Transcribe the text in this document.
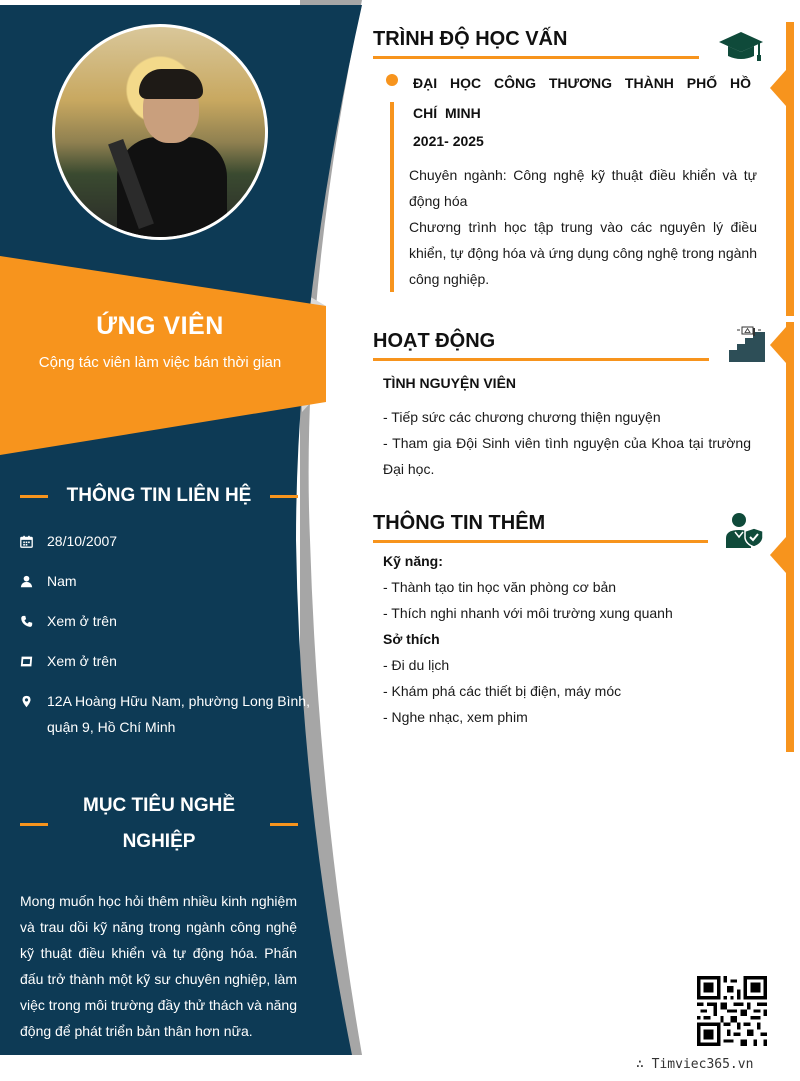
ỨNG VIÊN
Cộng tác viên làm việc bán thời gian
THÔNG TIN LIÊN HỆ
28/10/2007
Nam
Xem ở trên
Xem ở trên
12A Hoàng Hữu Nam, phường Long Bình, quận 9, Hồ Chí Minh
MỤC TIÊU NGHỀ NGHIỆP
Mong muốn học hỏi thêm nhiều kinh nghiệm và trau dồi kỹ năng trong ngành công nghệ kỹ thuật điều khiển và tự động hóa. Phấn đấu trở thành một kỹ sư chuyên nghiệp, làm việc trong môi trường đầy thử thách và năng động để phát triển bản thân hơn nữa.
TRÌNH ĐỘ HỌC VẤN
ĐẠI HỌC CÔNG THƯƠNG THÀNH PHỐ HỒ CHÍ MINH
2021- 2025
Chuyên ngành: Công nghệ kỹ thuật điều khiển và tự động hóa
Chương trình học tập trung vào các nguyên lý điều khiển, tự động hóa và ứng dụng công nghệ trong ngành công nghiệp.
HOẠT ĐỘNG
TÌNH NGUYỆN VIÊN
- Tiếp sức các chương chương thiện nguyện
- Tham gia Đội Sinh viên tình nguyện của Khoa tại trường Đại học.
THÔNG TIN THÊM
Kỹ năng:
- Thành tạo tin học văn phòng cơ bản
- Thích nghi nhanh với môi trường xung quanh
Sở thích
- Đi du lịch
- Khám phá các thiết bị điện, máy móc
- Nghe nhạc, xem phim
∴ Timviec365.vn
